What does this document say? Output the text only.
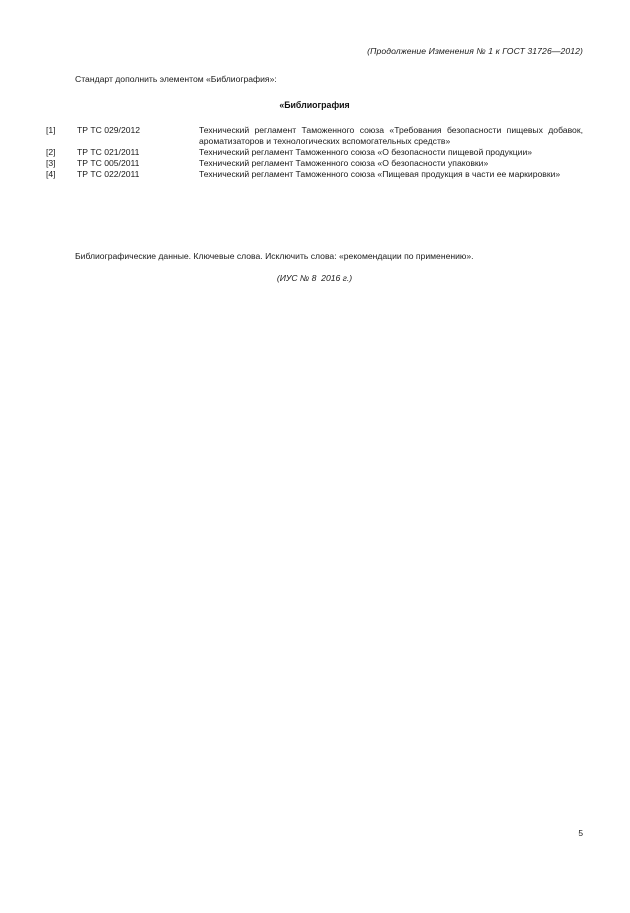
(Продолжение Изменения № 1 к ГОСТ 31726—2012)
Стандарт дополнить элементом «Библиография»:
«Библиография
[1]	ТР ТС 029/2012	Технический регламент Таможенного союза «Требования безопасности пищевых добавок, ароматизаторов и технологических вспомогательных средств»
[2]	ТР ТС 021/2011	Технический регламент Таможенного союза «О безопасности пищевой продукции»
[3]	ТР ТС 005/2011	Технический регламент Таможенного союза «О безопасности упаковки»
[4]	ТР ТС 022/2011	Технический регламент Таможенного союза «Пищевая продукция в части ее маркировки»
Библиографические данные. Ключевые слова. Исключить слова: «рекомендации по применению».
(ИУС № 8  2016 г.)
5
